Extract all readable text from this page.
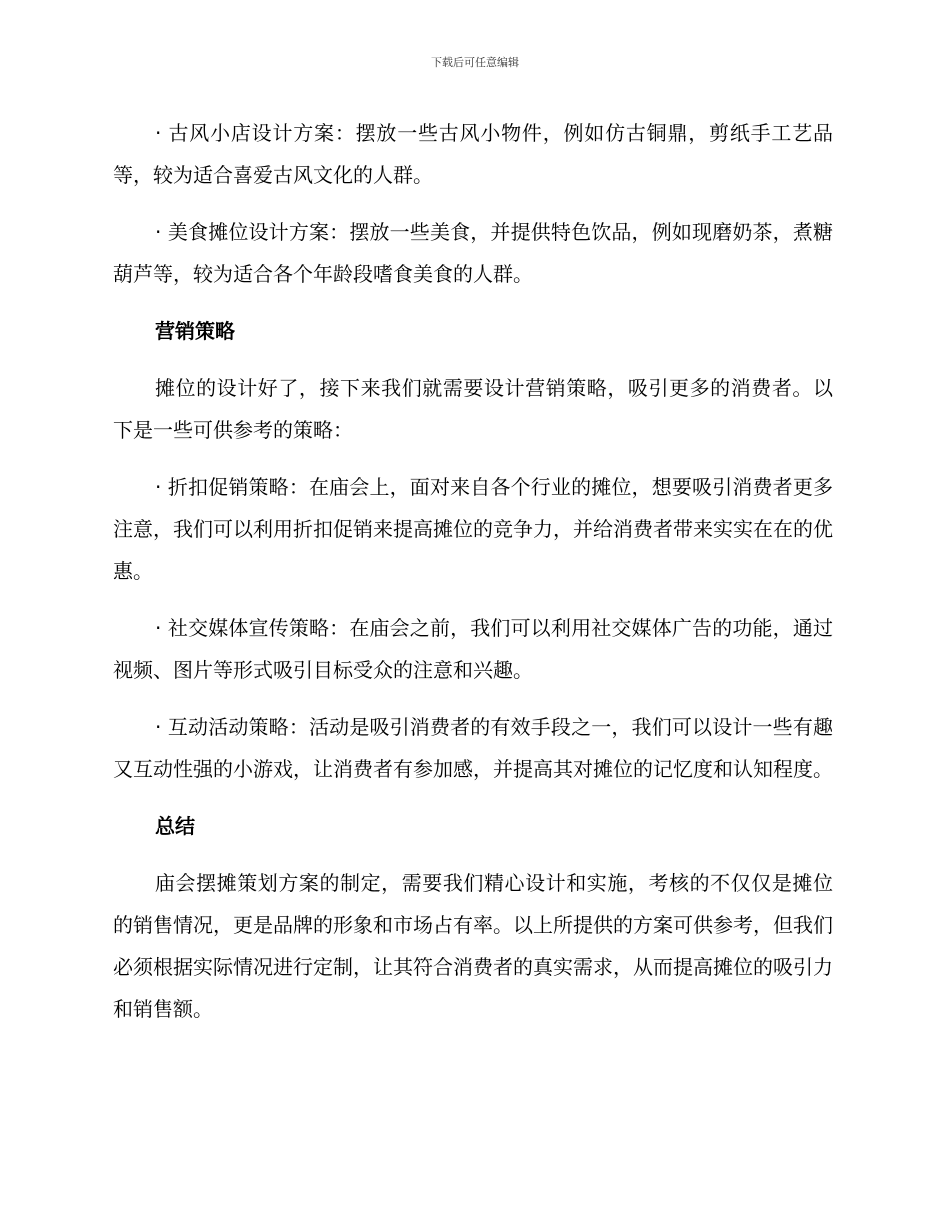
下载后可任意编辑

· 古风小店设计方案：摆放一些古风小物件，例如仿古铜鼎，剪纸手工艺品等，较为适合喜爱古风文化的人群。

· 美食摊位设计方案：摆放一些美食，并提供特色饮品，例如现磨奶茶，煮糖葫芦等，较为适合各个年龄段嗜食美食的人群。

营销策略

摊位的设计好了，接下来我们就需要设计营销策略，吸引更多的消费者。以下是一些可供参考的策略：

· 折扣促销策略：在庙会上，面对来自各个行业的摊位，想要吸引消费者更多注意，我们可以利用折扣促销来提高摊位的竞争力，并给消费者带来实实在在的优惠。

· 社交媒体宣传策略：在庙会之前，我们可以利用社交媒体广告的功能，通过视频、图片等形式吸引目标受众的注意和兴趣。

· 互动活动策略：活动是吸引消费者的有效手段之一，我们可以设计一些有趣又互动性强的小游戏，让消费者有参加感，并提高其对摊位的记忆度和认知程度。

总结

庙会摆摊策划方案的制定，需要我们精心设计和实施，考核的不仅仅是摊位的销售情况，更是品牌的形象和市场占有率。以上所提供的方案可供参考，但我们必须根据实际情况进行定制，让其符合消费者的真实需求，从而提高摊位的吸引力和销售额。
